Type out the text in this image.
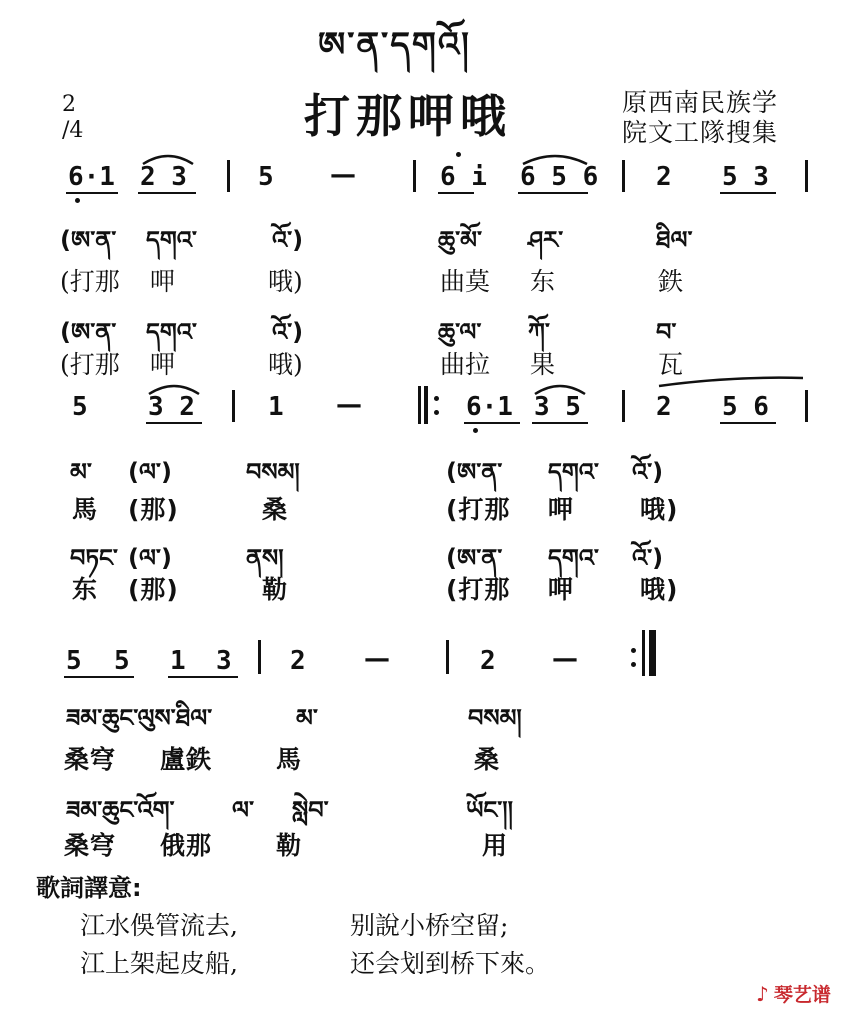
ཨ་ན་དགའོ།
打那呷哦	原西南民族学
院文工隊搜集
2
/4
6·1 2 3	5 —	6 i 6 5 6 2 5 3
(ཨ་ན་ དགའ་	འོ་)	ཆུ་མོ་ ཤར་	ཐིལ་
(打那 呷	哦)	曲莫 东	鉄
(ཨ་ན་ དགའ་	འོ་)	ཆུ་ལ་ ཀོ་	བ་
(打那 呷	哦)	曲拉 果	瓦
5 3 2	1 —	6·1 3 5	2 5 6
མ་ (ལ་)	བསམ།	(ཨ་ན་ དགའ་ འོ་)
馬 (那)	桑	(打那 呷	哦)
བཏང་ (ལ་)	ནས།	(ཨ་ན་ དགའ་ འོ་)
东 (那)	勒	(打那 呷	哦)
5 5 1 3 2 —	2 —
ཟམ་ཆུང་ལུས་ཐིལ་	མ་	བསམ།
桑穹 盧鉄	馬	桑
ཟམ་ཆུང་འོག་ ལ་ སླེབ་	ཡོང་།།
桑穹 俄那	勒	用
歌詞譯意:
江水俁管流去,	别說小桥空留;
江上架起皮船,	还会划到桥下來。
♪ 琴艺谱
